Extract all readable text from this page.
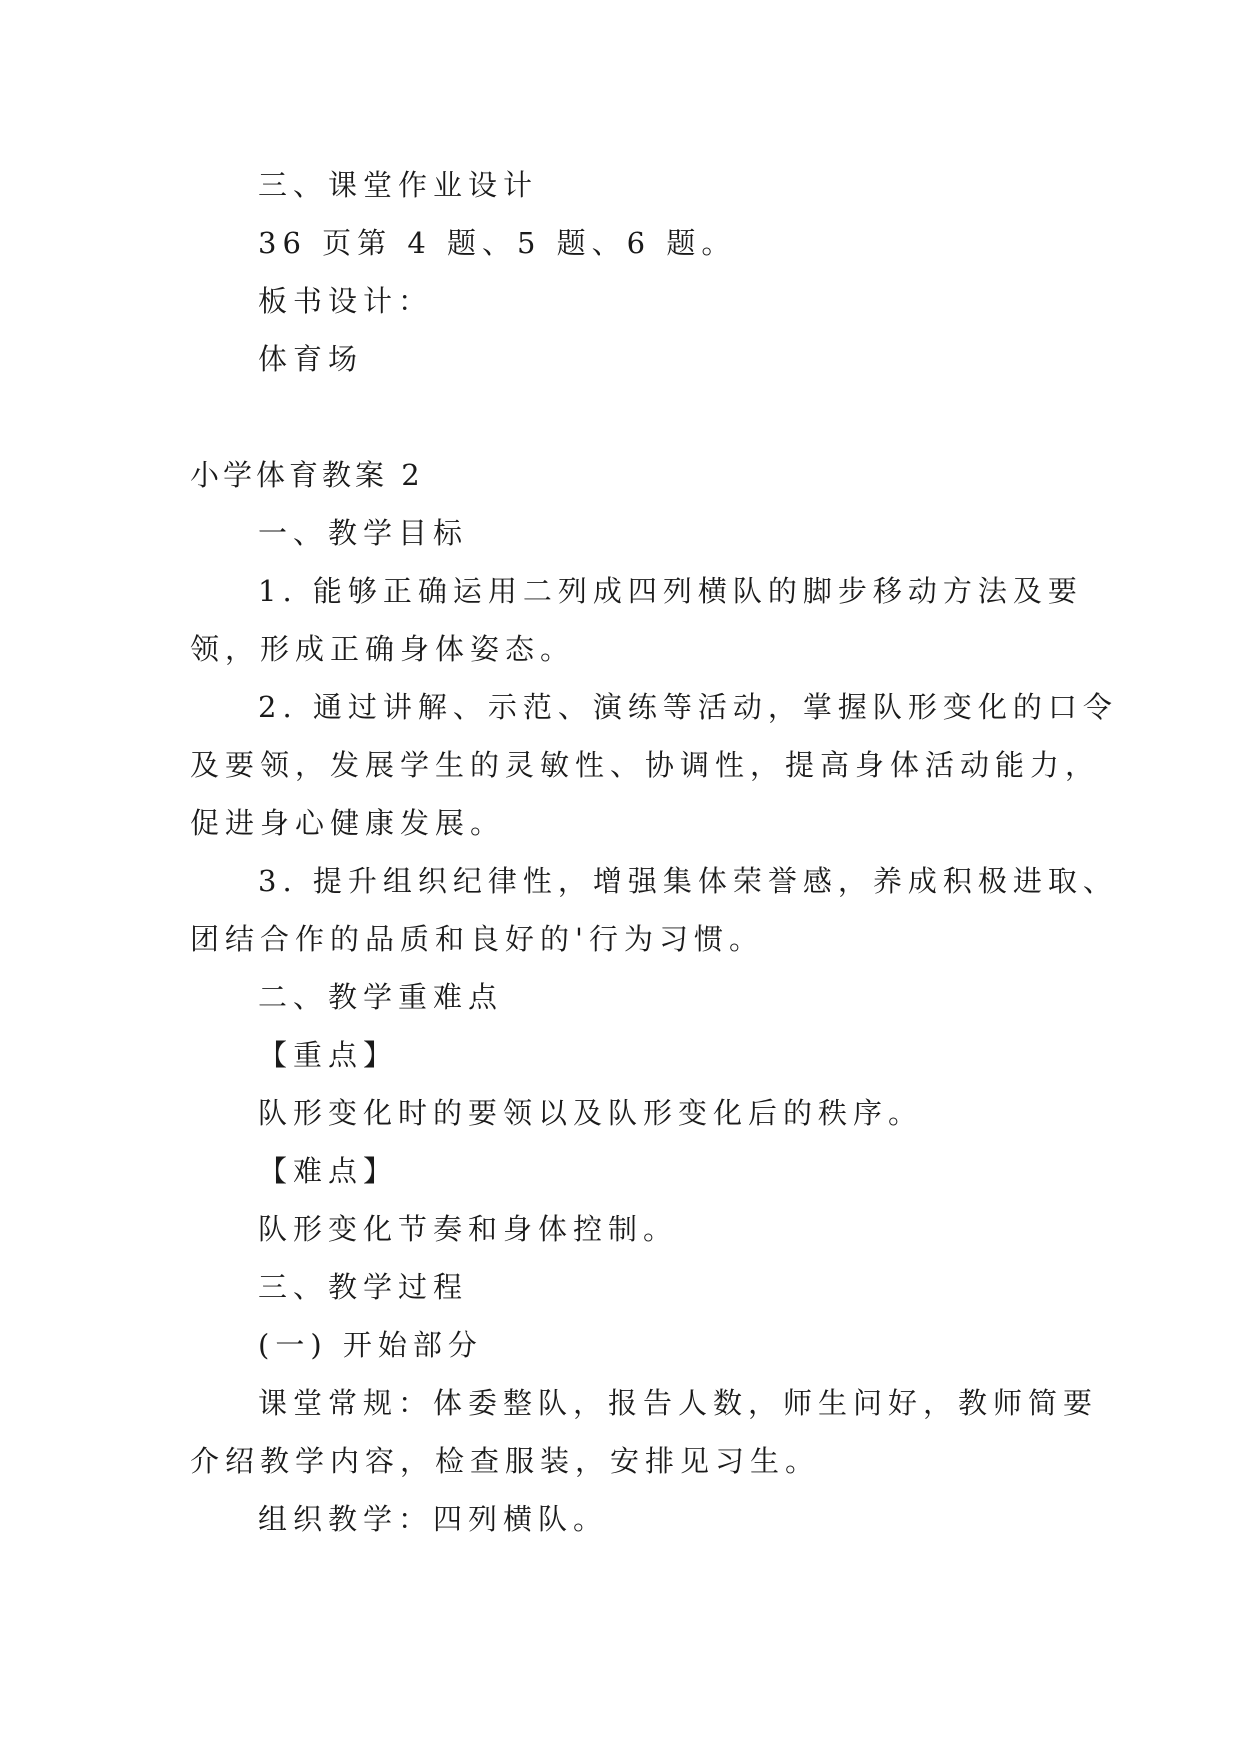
三、课堂作业设计
36 页第 4 题、5 题、6 题。
板书设计：
体育场
小学体育教案 2
一、教学目标
1. 能够正确运用二列成四列横队的脚步移动方法及要
领，形成正确身体姿态。
2. 通过讲解、示范、演练等活动，掌握队形变化的口令
及要领，发展学生的灵敏性、协调性，提高身体活动能力，
促进身心健康发展。
3. 提升组织纪律性，增强集体荣誉感，养成积极进取、
团结合作的品质和良好的'行为习惯。
二、教学重难点
【重点】
队形变化时的要领以及队形变化后的秩序。
【难点】
队形变化节奏和身体控制。
三、教学过程
(一) 开始部分
课堂常规：体委整队，报告人数，师生问好，教师简要
介绍教学内容，检查服装，安排见习生。
组织教学：四列横队。
